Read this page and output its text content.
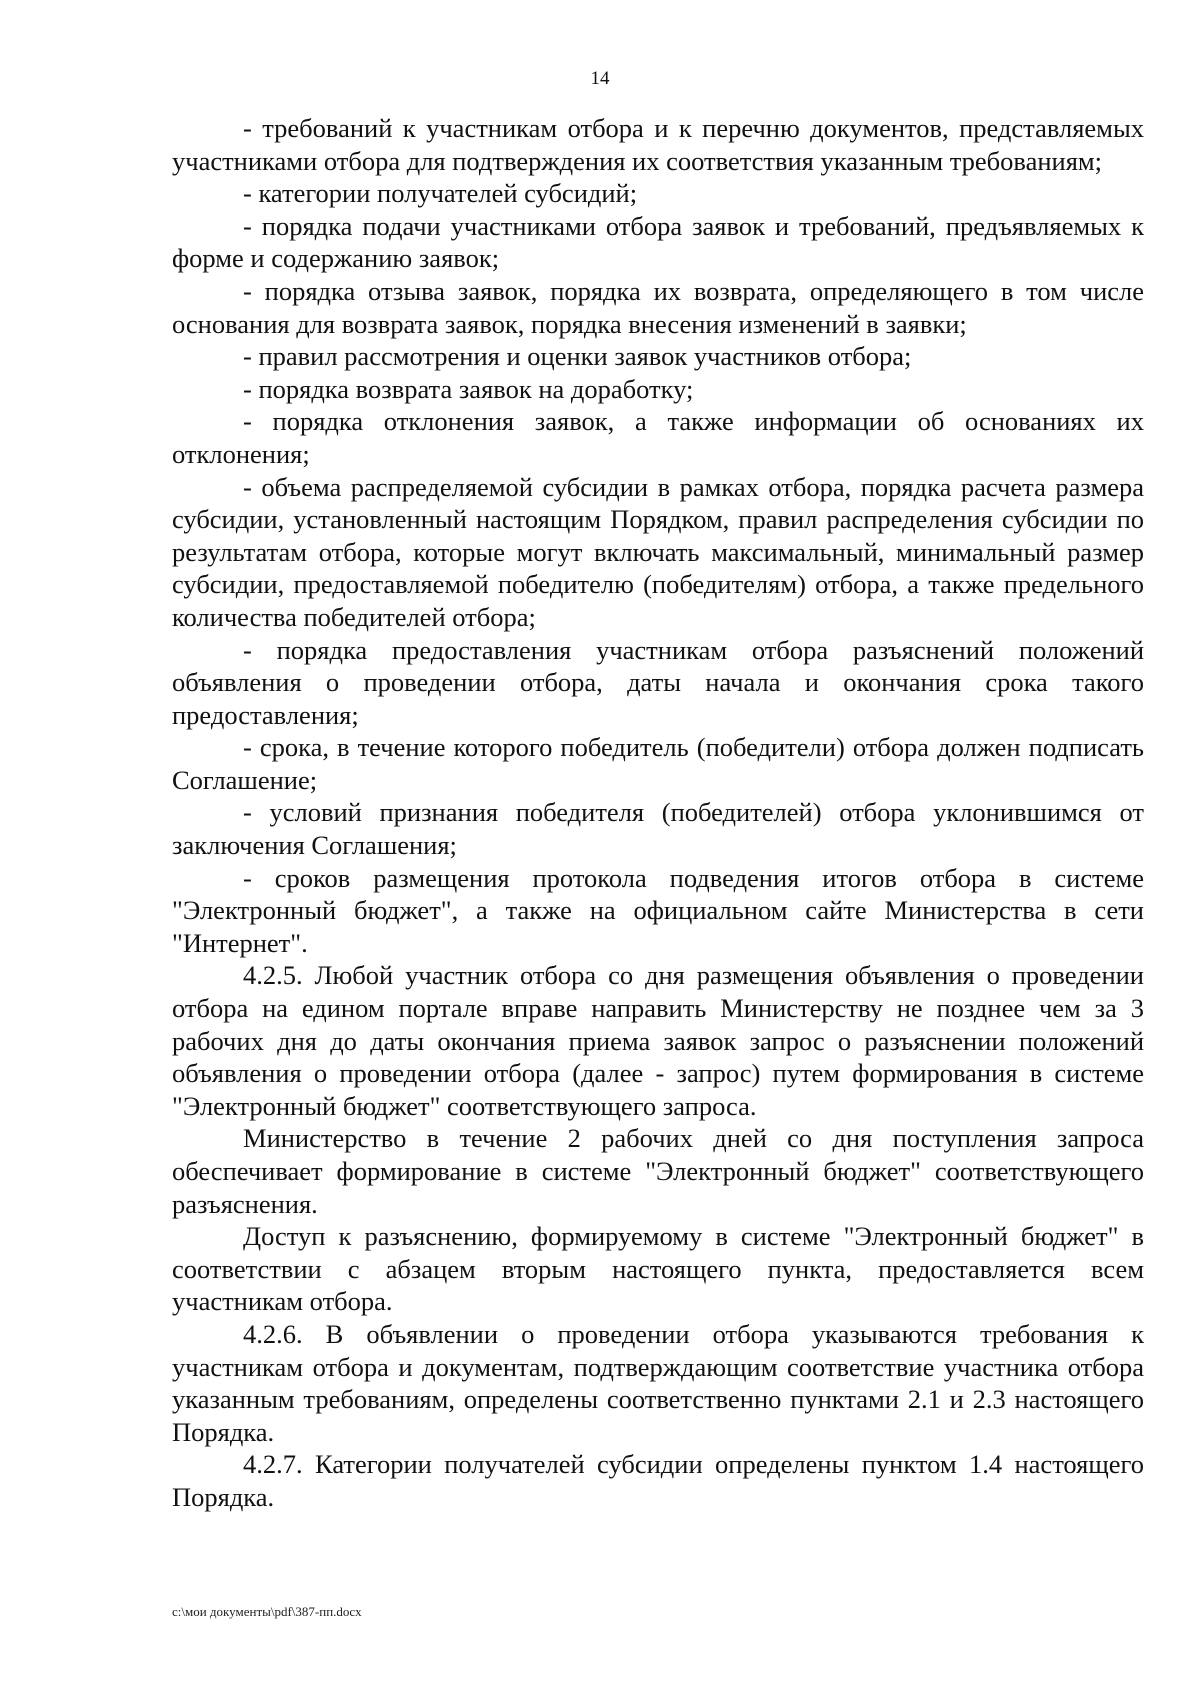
14

- требований к участникам отбора и к перечню документов, представляемых участниками отбора для подтверждения их соответствия указанным требованиям;

- категории получателей субсидий;

- порядка подачи участниками отбора заявок и требований, предъявляемых к форме и содержанию заявок;

- порядка отзыва заявок, порядка их возврата, определяющего в том числе основания для возврата заявок, порядка внесения изменений в заявки;

- правил рассмотрения и оценки заявок участников отбора;

- порядка возврата заявок на доработку;

- порядка отклонения заявок, а также информации об основаниях их отклонения;

- объема распределяемой субсидии в рамках отбора, порядка расчета размера субсидии, установленный настоящим Порядком, правил распределения субсидии по результатам отбора, которые могут включать максимальный, минимальный размер субсидии, предоставляемой победителю (победителям) отбора, а также предельного количества победителей отбора;

- порядка предоставления участникам отбора разъяснений положений объявления о проведении отбора, даты начала и окончания срока такого предоставления;

- срока, в течение которого победитель (победители) отбора должен подписать Соглашение;

- условий признания победителя (победителей) отбора уклонившимся от заключения Соглашения;

- сроков размещения протокола подведения итогов отбора в системе "Электронный бюджет", а также на официальном сайте Министерства в сети "Интернет".

4.2.5. Любой участник отбора со дня размещения объявления о проведении отбора на едином портале вправе направить Министерству не позднее чем за 3 рабочих дня до даты окончания приема заявок запрос о разъяснении положений объявления о проведении отбора (далее - запрос) путем формирования в системе "Электронный бюджет" соответствующего запроса.

Министерство в течение 2 рабочих дней со дня поступления запроса обеспечивает формирование в системе "Электронный бюджет" соответствующего разъяснения.

Доступ к разъяснению, формируемому в системе "Электронный бюджет" в соответствии с абзацем вторым настоящего пункта, предоставляется всем участникам отбора.

4.2.6. В объявлении о проведении отбора указываются требования к участникам отбора и документам, подтверждающим соответствие участника отбора указанным требованиям, определены соответственно пунктами 2.1 и 2.3 настоящего Порядка.

4.2.7. Категории получателей субсидии определены пунктом 1.4 настоящего Порядка.

c:\мои документы\pdf\387-пп.docx
